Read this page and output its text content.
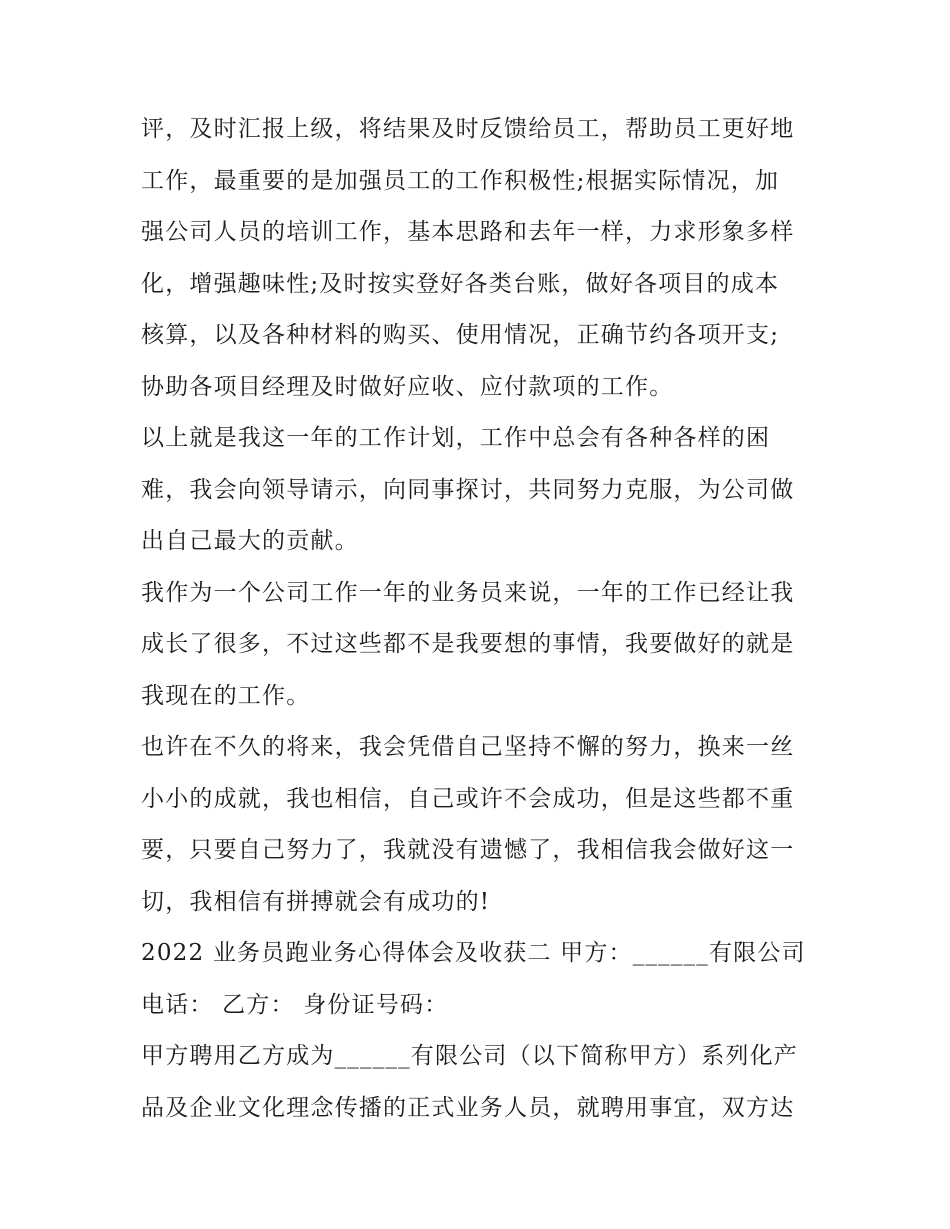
评，及时汇报上级，将结果及时反馈给员工，帮助员工更好地
工作，最重要的是加强员工的工作积极性;根据实际情况，加
强公司人员的培训工作，基本思路和去年一样，力求形象多样
化，增强趣味性;及时按实登好各类台账，做好各项目的成本
核算，以及各种材料的购买、使用情况，正确节约各项开支;
协助各项目经理及时做好应收、应付款项的工作。
以上就是我这一年的工作计划，工作中总会有各种各样的困
难，我会向领导请示，向同事探讨，共同努力克服，为公司做
出自己最大的贡献。
我作为一个公司工作一年的业务员来说，一年的工作已经让我
成长了很多，不过这些都不是我要想的事情，我要做好的就是
我现在的工作。
也许在不久的将来，我会凭借自己坚持不懈的努力，换来一丝
小小的成就，我也相信，自己或许不会成功，但是这些都不重
要，只要自己努力了，我就没有遗憾了，我相信我会做好这一
切，我相信有拼搏就会有成功的!
2022 业务员跑业务心得体会及收获二 甲方：______有限公司
电话： 乙方： 身份证号码：
甲方聘用乙方成为______有限公司（以下简称甲方）系列化产
品及企业文化理念传播的正式业务人员，就聘用事宜，双方达
